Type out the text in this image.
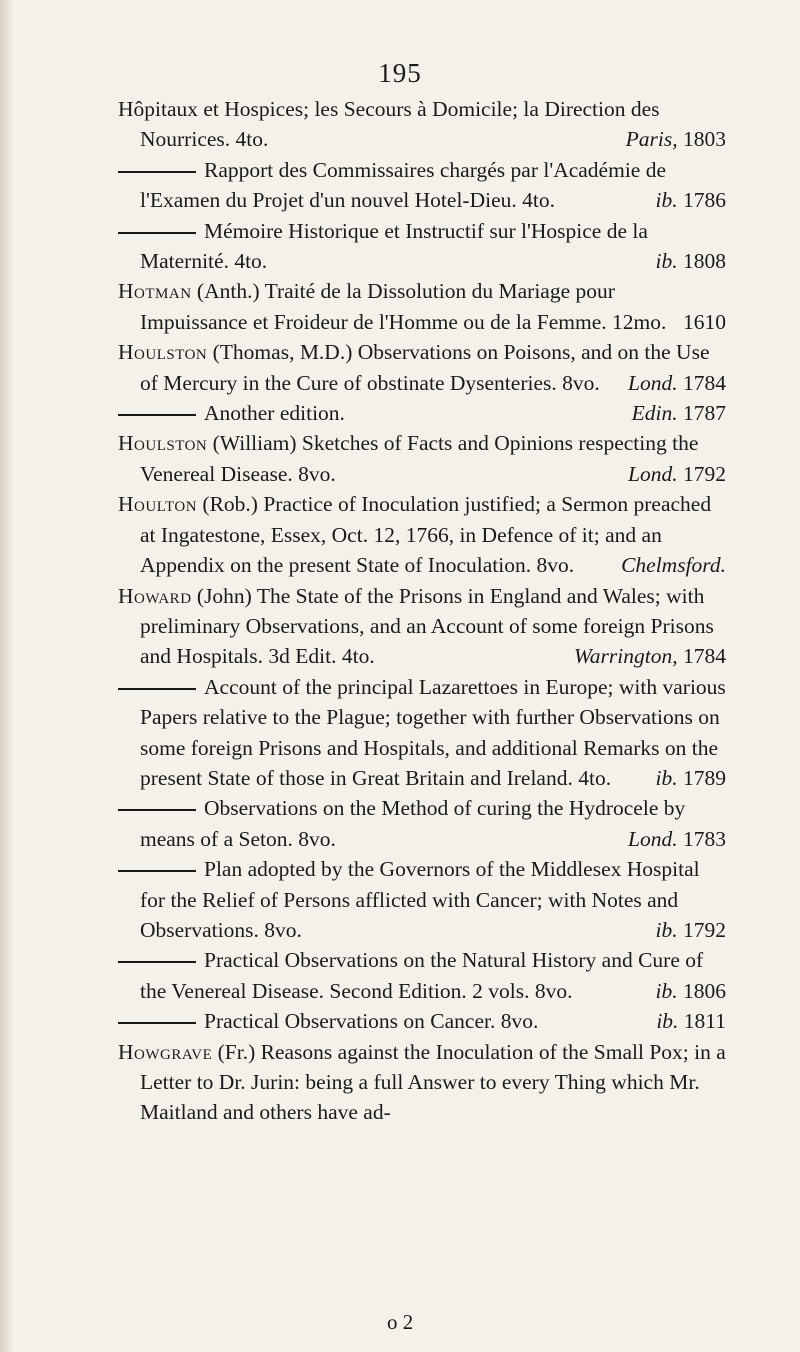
195
Hôpitaux et Hospices; les Secours à Domicile; la Direction des Nourrices. 4to.	Paris, 1803
Rapport des Commissaires chargés par l'Académie de l'Examen du Projet d'un nouvel Hotel-Dieu. 4to.	ib. 1786
Mémoire Historique et Instructif sur l'Hospice de la Maternité. 4to.	ib. 1808
Hotman (Anth.) Traité de la Dissolution du Mariage pour Impuissance et Froideur de l'Homme ou de la Femme. 12mo. 1610
Houlston (Thomas, M.D.) Observations on Poisons, and on the Use of Mercury in the Cure of obstinate Dysenteries. 8vo.	Lond. 1784
Another edition.	Edin. 1787
Houlston (William) Sketches of Facts and Opinions respecting the Venereal Disease. 8vo.	Lond. 1792
Houlton (Rob.) Practice of Inoculation justified; a Sermon preached at Ingatestone, Essex, Oct. 12, 1766, in Defence of it; and an Appendix on the present State of Inoculation. 8vo.	Chelmsford.
Howard (John) The State of the Prisons in England and Wales; with preliminary Observations, and an Account of some foreign Prisons and Hospitals. 3d Edit. 4to.	Warrington, 1784
Account of the principal Lazarettoes in Europe; with various Papers relative to the Plague; together with further Observations on some foreign Prisons and Hospitals, and additional Remarks on the present State of those in Great Britain and Ireland. 4to.	ib. 1789
Observations on the Method of curing the Hydrocele by means of a Seton. 8vo.	Lond. 1783
Plan adopted by the Governors of the Middlesex Hospital for the Relief of Persons afflicted with Cancer; with Notes and Observations. 8vo.	ib. 1792
Practical Observations on the Natural History and Cure of the Venereal Disease. Second Edition. 2 vols. 8vo.	ib. 1806
Practical Observations on Cancer. 8vo.	ib. 1811
Howgrave (Fr.) Reasons against the Inoculation of the Small Pox; in a Letter to Dr. Jurin: being a full Answer to every Thing which Mr. Maitland and others have ad-
o 2
